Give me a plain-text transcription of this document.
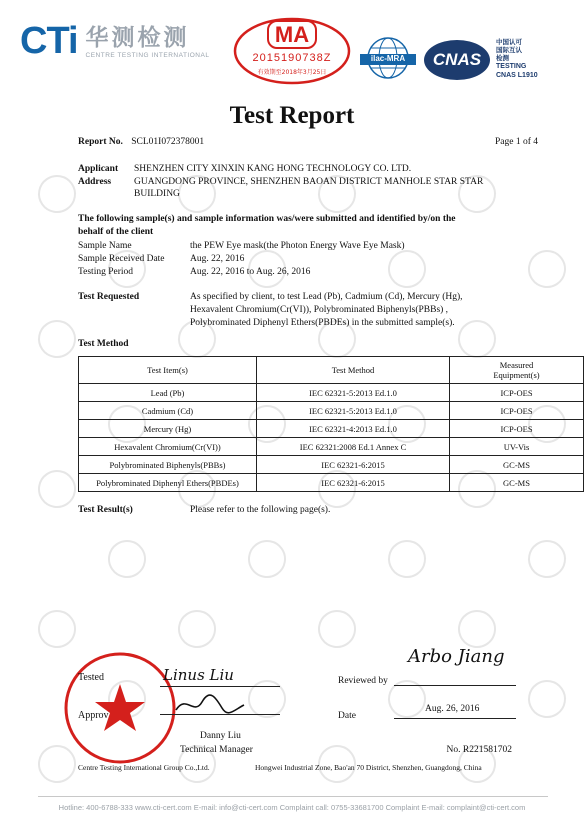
CTi 华测检测
CENTRE TESTING INTERNATIONAL
MA
2015190738Z
有效期至2018年3月25日
ilac-MRA	CNAS
中国认可
国际互认
检测
TESTING
CNAS L1910
Test Report
Report No. SCL01I072378001	Page 1 of 4
Applicant SHENZHEN CITY XINXIN KANG HONG TECHNOLOGY CO. LTD.
Address GUANGDONG PROVINCE, SHENZHEN BAOAN DISTRICT MANHOLE STAR STAR
BUILDING
The following sample(s) and sample information was/were submitted and identified by/on the
behalf of the client
Sample Name	the PEW Eye mask(the Photon Energy Wave Eye Mask)
Sample Received Date	Aug. 22, 2016
Testing Period	Aug. 22, 2016 to Aug. 26, 2016
Test Requested	As specified by client, to test Lead (Pb), Cadmium (Cd), Mercury (Hg),
Hexavalent Chromium(Cr(VI)), Polybrominated Biphenyls(PBBs) ,
Polybrominated Diphenyl Ethers(PBDEs) in the submitted sample(s).
Test Method
Test Item(s)	Test Method	Measured
Equipment(s)
Lead (Pb)	IEC 62321-5:2013 Ed.1.0	ICP-OES
Cadmium (Cd)	IEC 62321-5:2013 Ed.1.0	ICP-OES
Mercury (Hg)	IEC 62321-4:2013 Ed.1.0	ICP-OES
Hexavalent Chromium(Cr(VI))	IEC 62321:2008 Ed.1 Annex C	UV-Vis
Polybrominated Biphenyls(PBBs)	IEC 62321-6:2015	GC-MS
Polybrominated Diphenyl Ethers(PBDEs)	IEC 62321-6:2015	GC-MS
Test Result(s)	Please refer to the following page(s).
Tested	Linus Liu
Approv
Danny Liu
Technical Manager
Reviewed by
Arbo Jiang
Date
Aug. 26, 2016
Centre Testing International Group Co.,Ltd.
No. R221581702
Hongwei Industrial Zone, Bao'an 70 District, Shenzhen, Guangdong, China
Hotline: 400-6788-333 www.cti-cert.com E-mail: info@cti-cert.com Complaint call: 0755-33681700 Complaint E-mail: complaint@cti-cert.com
